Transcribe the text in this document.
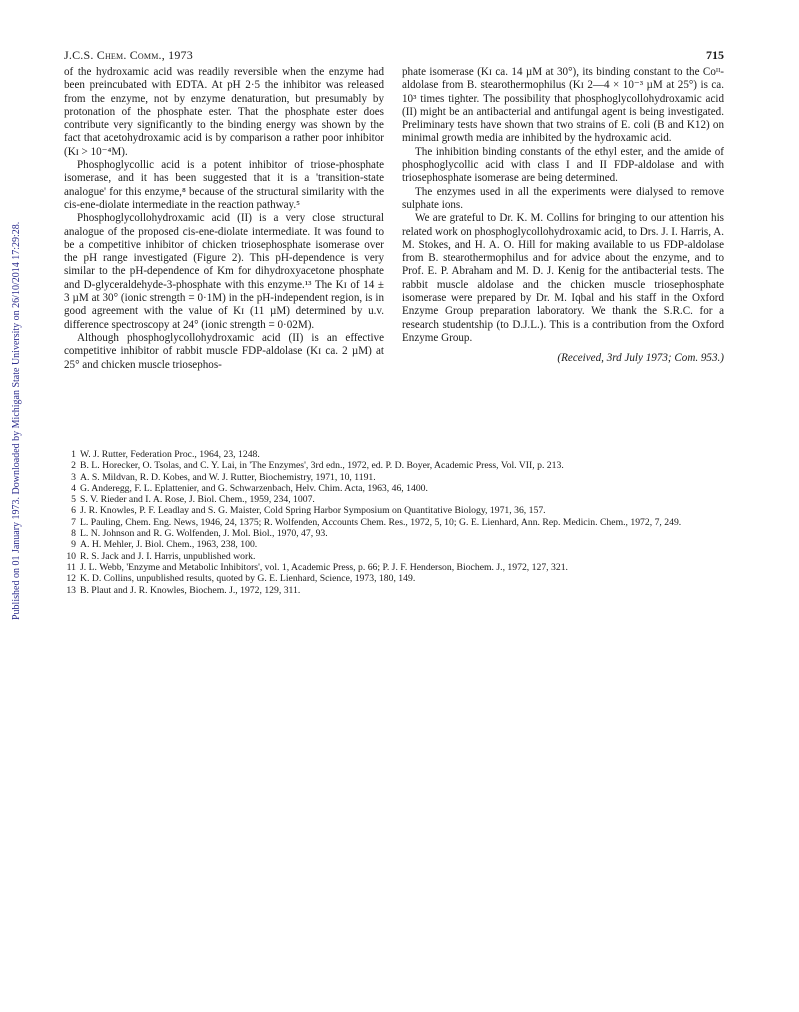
Published on 01 January 1973. Downloaded by Michigan State University on 26/10/2014 17:29:28.
J.C.S. Chem. Comm., 1973	715

of the hydroxamic acid was readily reversible when the enzyme had been preincubated with EDTA. At pH 2·5 the inhibitor was released from the enzyme, not by enzyme denaturation, but presumably by protonation of the phosphate ester. That the phosphate ester does contribute very significantly to the binding energy was shown by the fact that acetohydroxamic acid is by comparison a rather poor inhibitor (Kɪ > 10⁻⁴M).

Phosphoglycollic acid is a potent inhibitor of triose-phosphate isomerase, and it has been suggested that it is a 'transition-state analogue' for this enzyme,⁸ because of the structural similarity with the cis-ene-diolate intermediate in the reaction pathway.⁵

Phosphoglycollohydroxamic acid (II) is a very close structural analogue of the proposed cis-ene-diolate intermediate. It was found to be a competitive inhibitor of chicken triosephosphate isomerase over the pH range investigated (Figure 2). This pH-dependence is very similar to the pH-dependence of Km for dihydroxyacetone phosphate and D-glyceraldehyde-3-phosphate with this enzyme.¹³ The Kɪ of 14 ± 3 µM at 30° (ionic strength = 0·1M) in the pH-independent region, is in good agreement with the value of Kɪ (11 µM) determined by u.v. difference spectroscopy at 24° (ionic strength = 0·02M).

Although phosphoglycollohydroxamic acid (II) is an effective competitive inhibitor of rabbit muscle FDP-aldolase (Kɪ ca. 2 µM) at 25° and chicken muscle triosephos-

phate isomerase (Kɪ ca. 14 µM at 30°), its binding constant to the Coᴵᴵ-aldolase from B. stearothermophilus (Kɪ 2—4 × 10⁻³ µM at 25°) is ca. 10³ times tighter. The possibility that phosphoglycollohydroxamic acid (II) might be an antibacterial and antifungal agent is being investigated. Preliminary tests have shown that two strains of E. coli (B and K12) on minimal growth media are inhibited by the hydroxamic acid.

The inhibition binding constants of the ethyl ester, and the amide of phosphoglycollic acid with class I and II FDP-aldolase and with triosephosphate isomerase are being determined.

The enzymes used in all the experiments were dialysed to remove sulphate ions.

We are grateful to Dr. K. M. Collins for bringing to our attention his related work on phosphoglycollohydroxamic acid, to Drs. J. I. Harris, A. M. Stokes, and H. A. O. Hill for making available to us FDP-aldolase from B. stearothermophilus and for advice about the enzyme, and to Prof. E. P. Abraham and M. D. J. Kenig for the antibacterial tests. The rabbit muscle aldolase and the chicken muscle triosephosphate isomerase were prepared by Dr. M. Iqbal and his staff in the Oxford Enzyme Group preparation laboratory. We thank the S.R.C. for a research studentship (to D.J.L.). This is a contribution from the Oxford Enzyme Group.

(Received, 3rd July 1973; Com. 953.)

1 W. J. Rutter, Federation Proc., 1964, 23, 1248.
2 B. L. Horecker, O. Tsolas, and C. Y. Lai, in 'The Enzymes', 3rd edn., 1972, ed. P. D. Boyer, Academic Press, Vol. VII, p. 213.
3 A. S. Mildvan, R. D. Kobes, and W. J. Rutter, Biochemistry, 1971, 10, 1191.
4 G. Anderegg, F. L. Eplattenier, and G. Schwarzenbach, Helv. Chim. Acta, 1963, 46, 1400.
5 S. V. Rieder and I. A. Rose, J. Biol. Chem., 1959, 234, 1007.
6 J. R. Knowles, P. F. Leadlay and S. G. Maister, Cold Spring Harbor Symposium on Quantitative Biology, 1971, 36, 157.
7 L. Pauling, Chem. Eng. News, 1946, 24, 1375; R. Wolfenden, Accounts Chem. Res., 1972, 5, 10; G. E. Lienhard, Ann. Rep. Medicin. Chem., 1972, 7, 249.
8 L. N. Johnson and R. G. Wolfenden, J. Mol. Biol., 1970, 47, 93.
9 A. H. Mehler, J. Biol. Chem., 1963, 238, 100.
10 R. S. Jack and J. I. Harris, unpublished work.
11 J. L. Webb, 'Enzyme and Metabolic Inhibitors', vol. 1, Academic Press, p. 66; P. J. F. Henderson, Biochem. J., 1972, 127, 321.
12 K. D. Collins, unpublished results, quoted by G. E. Lienhard, Science, 1973, 180, 149.
13 B. Plaut and J. R. Knowles, Biochem. J., 1972, 129, 311.
